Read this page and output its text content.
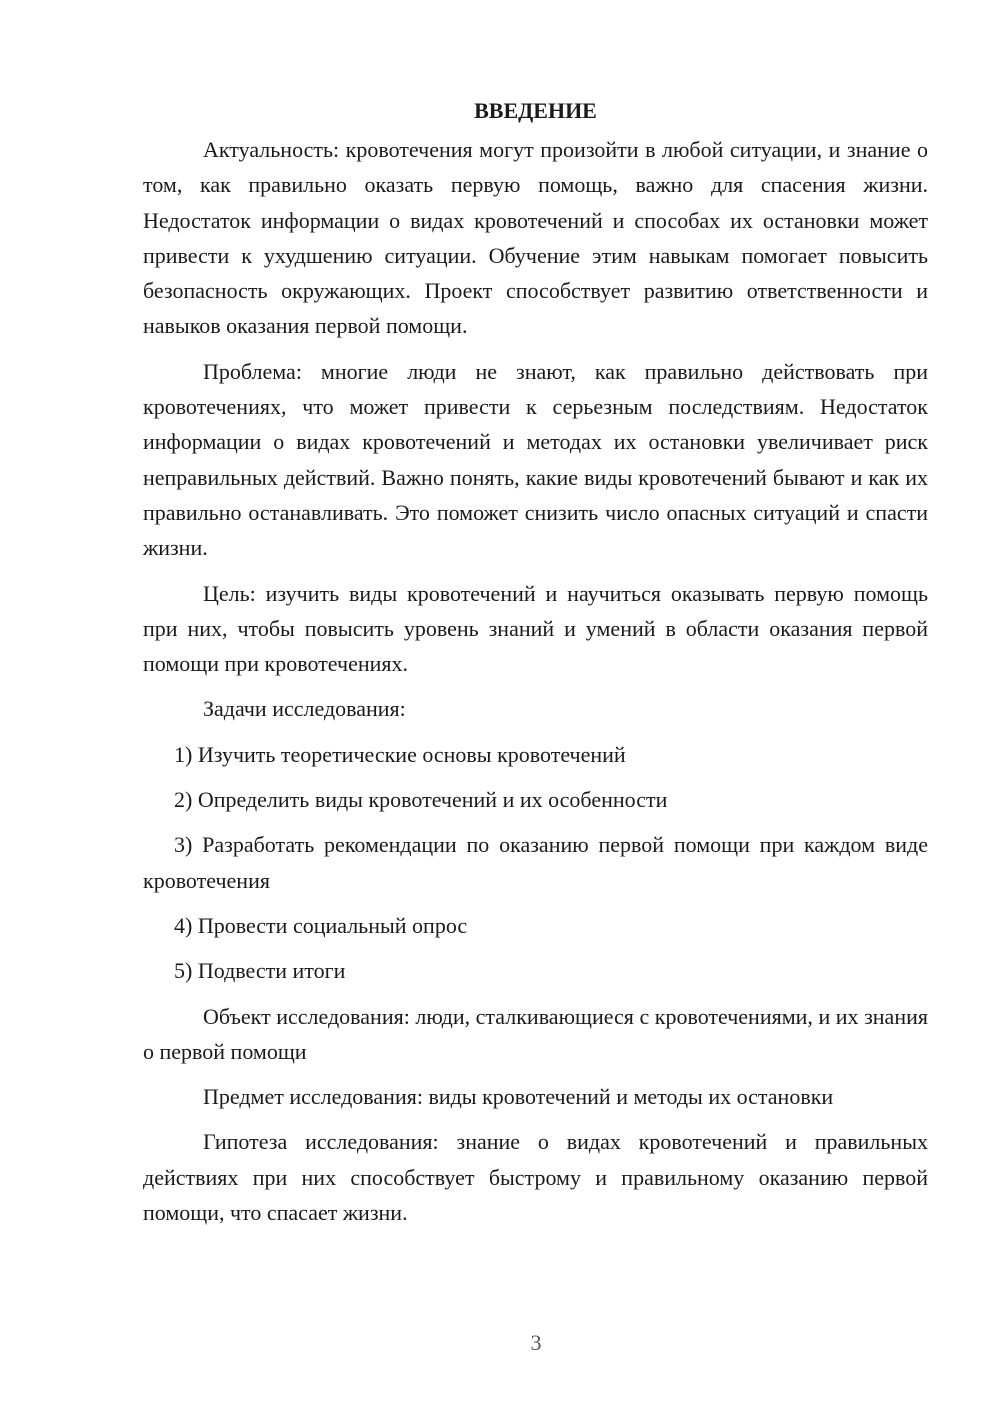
ВВЕДЕНИЕ

Актуальность: кровотечения могут произойти в любой ситуации, и знание о том, как правильно оказать первую помощь, важно для спасения жизни. Недостаток информации о видах кровотечений и способах их остановки может привести к ухудшению ситуации. Обучение этим навыкам помогает повысить безопасность окружающих. Проект способствует развитию ответственности и навыков оказания первой помощи.

Проблема: многие люди не знают, как правильно действовать при кровотечениях, что может привести к серьезным последствиям. Недостаток информации о видах кровотечений и методах их остановки увеличивает риск неправильных действий. Важно понять, какие виды кровотечений бывают и как их правильно останавливать. Это поможет снизить число опасных ситуаций и спасти жизни.

Цель: изучить виды кровотечений и научиться оказывать первую помощь при них, чтобы повысить уровень знаний и умений в области оказания первой помощи при кровотечениях.

Задачи исследования:

1) Изучить теоретические основы кровотечений

2) Определить виды кровотечений и их особенности

3) Разработать рекомендации по оказанию первой помощи при каждом виде кровотечения

4) Провести социальный опрос

5) Подвести итоги

Объект исследования: люди, сталкивающиеся с кровотечениями, и их знания о первой помощи

Предмет исследования: виды кровотечений и методы их остановки

Гипотеза исследования: знание о видах кровотечений и правильных действиях при них способствует быстрому и правильному оказанию первой помощи, что спасает жизни.

3
